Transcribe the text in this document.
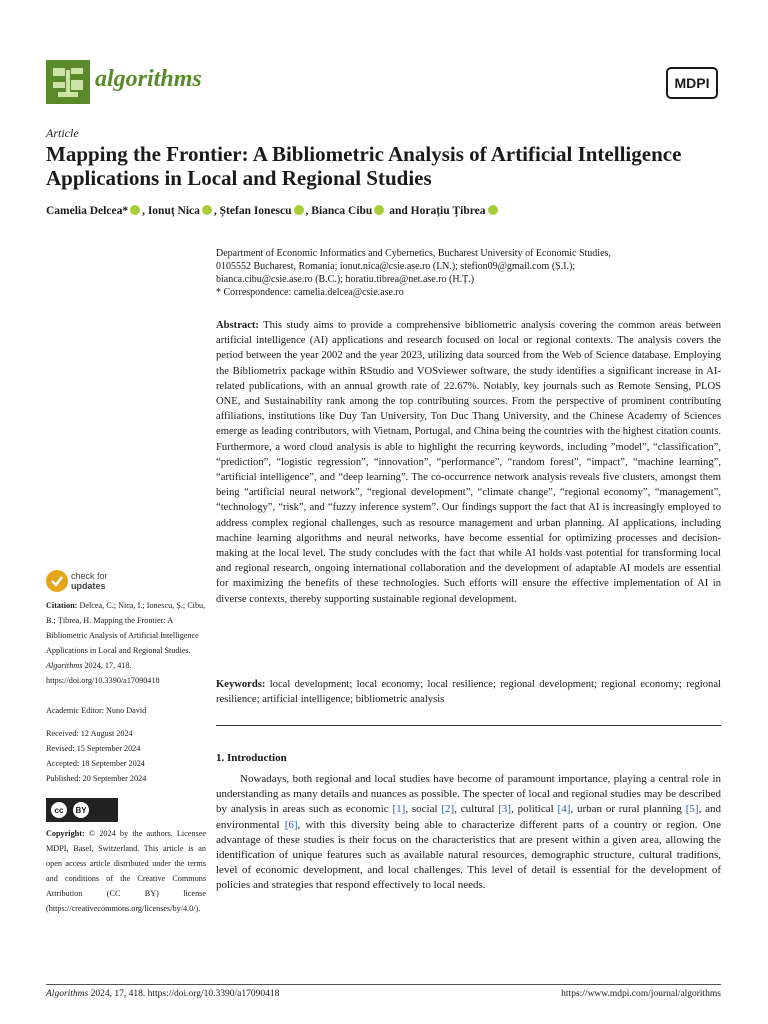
algorithms	MDPI
Article
Mapping the Frontier: A Bibliometric Analysis of Artificial Intelligence Applications in Local and Regional Studies
Camelia Delcea* , Ionuț Nica , Ștefan Ionescu , Bianca Cibu and Horațiu Țibrea
Department of Economic Informatics and Cybernetics, Bucharest University of Economic Studies,
0105552 Bucharest, Romania; ionut.nica@csie.ase.ro (I.N.); stefion09@gmail.com (Ș.I.);
bianca.cibu@csie.ase.ro (B.C.); horatiu.tibrea@net.ase.ro (H.Ț.)
* Correspondence: camelia.delcea@csie.ase.ro
Abstract: This study aims to provide a comprehensive bibliometric analysis covering the common areas between artificial intelligence (AI) applications and research focused on local or regional contexts. The analysis covers the period between the year 2002 and the year 2023, utilizing data sourced from the Web of Science database. Employing the Bibliometrix package within RStudio and VOSviewer software, the study identifies a significant increase in AI-related publications, with an annual growth rate of 22.67%. Notably, key journals such as Remote Sensing, PLOS ONE, and Sustainability rank among the top contributing sources. From the perspective of prominent contributing affiliations, institutions like Duy Tan University, Ton Duc Thang University, and the Chinese Academy of Sciences emerge as leading contributors, with Vietnam, Portugal, and China being the countries with the highest citation counts. Furthermore, a word cloud analysis is able to highlight the recurring keywords, including ”model”, “classification”, “prediction”, “logistic regression”, “innovation”, “performance”, “random forest”, “impact”, “machine learning”, “artificial intelligence”, and “deep learning”. The co-occurrence network analysis reveals five clusters, amongst them being “artificial neural network”, “regional development”, “climate change”, “regional economy”, “management”, “technology”, “risk”, and “fuzzy inference system”. Our findings support the fact that AI is increasingly employed to address complex regional challenges, such as resource management and urban planning. AI applications, including machine learning algorithms and neural networks, have become essential for optimizing processes and decision-making at the local level. The study concludes with the fact that while AI holds vast potential for transforming local and regional research, ongoing international collaboration and the development of adaptable AI models are essential for maximizing the benefits of these technologies. Such efforts will ensure the effective implementation of AI in diverse contexts, thereby supporting sustainable regional development.
Keywords: local development; local economy; local resilience; regional development; regional economy; regional resilience; artificial intelligence; bibliometric analysis
check for
updates
Citation: Delcea, C.; Nica, I.; Ionescu, Ș.; Cibu, B.; Țibrea, H. Mapping the Frontier: A Bibliometric Analysis of Artificial Intelligence Applications in Local and Regional Studies. Algorithms 2024, 17, 418. https://doi.org/10.3390/a17090418
Academic Editor: Nuno David
Received: 12 August 2024
Revised: 15 September 2024
Accepted: 18 September 2024
Published: 20 September 2024
cc	BY
Copyright: © 2024 by the authors. Licensee MDPI, Basel, Switzerland. This article is an open access article distributed under the terms and conditions of the Creative Commons Attribution (CC BY) license (https://creativecommons.org/licenses/by/4.0/).
1. Introduction
Nowadays, both regional and local studies have become of paramount importance, playing a central role in understanding as many details and nuances as possible. The specter of local and regional studies may be described by analysis in areas such as economic [1], social [2], cultural [3], political [4], urban or rural planning [5], and environmental [6], with this diversity being able to characterize different parts of a country or region. One advantage of these studies is their focus on the characteristics that are present within a given area, allowing the identification of unique features such as available natural resources, demographic structure, cultural traditions, level of economic development, and local challenges. This level of detail is essential for the development of policies and strategies that respond effectively to local needs.
Algorithms 2024, 17, 418. https://doi.org/10.3390/a17090418	https://www.mdpi.com/journal/algorithms
